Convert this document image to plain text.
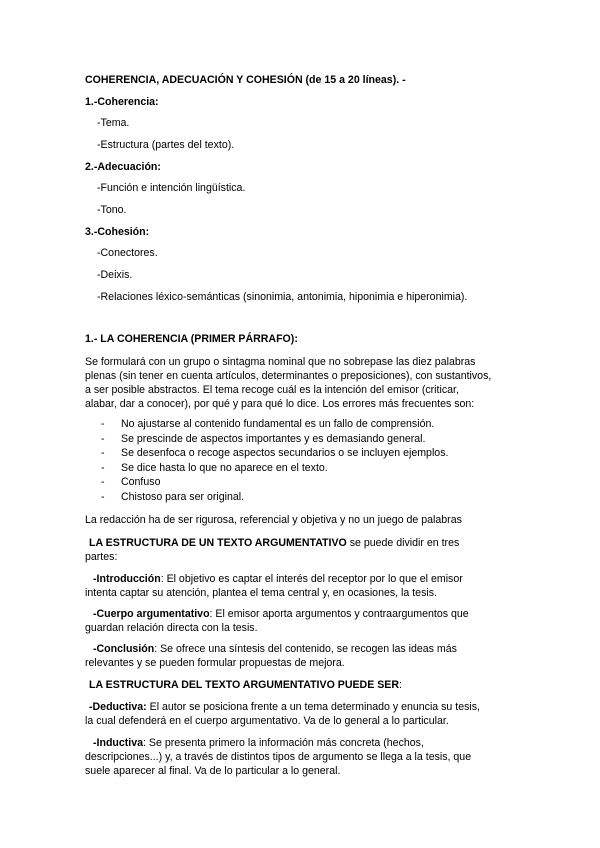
COHERENCIA, ADECUACIÓN Y COHESIÓN (de 15 a 20 líneas). -
1.-Coherencia:
-Tema.
-Estructura (partes del texto).
2.-Adecuación:
-Función e intención lingüística.
-Tono.
3.-Cohesión:
-Conectores.
-Deixis.
-Relaciones léxico-semánticas (sinonimia, antonimia, hiponimia e hiperonimia).
1.- LA COHERENCIA (PRIMER PÁRRAFO):
Se formulará con un grupo o sintagma nominal que no sobrepase las diez palabras
plenas (sin tener en cuenta artículos, determinantes o preposiciones), con sustantivos,
a ser posible abstractos. El tema recoge cuál es la intención del emisor (criticar,
alabar, dar a conocer), por qué y para qué lo dice. Los errores más frecuentes son:
- No ajustarse al contenido fundamental es un fallo de comprensión.
- Se prescinde de aspectos importantes y es demasiando general.
- Se desenfoca o recoge aspectos secundarios o se incluyen ejemplos.
- Se dice hasta lo que no aparece en el texto.
- Confuso
- Chistoso para ser original.
La redacción ha de ser rigurosa, referencial y objetiva y no un juego de palabras
LA ESTRUCTURA DE UN TEXTO ARGUMENTATIVO se puede dividir en tres
partes:
-Introducción: El objetivo es captar el interés del receptor por lo que el emisor
intenta captar su atención, plantea el tema central y, en ocasiones, la tesis.
-Cuerpo argumentativo: El emisor aporta argumentos y contraargumentos que
guardan relación directa con la tesis.
-Conclusión: Se ofrece una síntesis del contenido, se recogen las ideas más
relevantes y se pueden formular propuestas de mejora.
LA ESTRUCTURA DEL TEXTO ARGUMENTATIVO PUEDE SER:
-Deductiva: El autor se posiciona frente a un tema determinado y enuncia su tesis,
la cual defenderá en el cuerpo argumentativo. Va de lo general a lo particular.
-Inductiva: Se presenta primero la información más concreta (hechos,
descripciones...) y, a través de distintos tipos de argumento se llega a la tesis, que
suele aparecer al final. Va de lo particular a lo general.
